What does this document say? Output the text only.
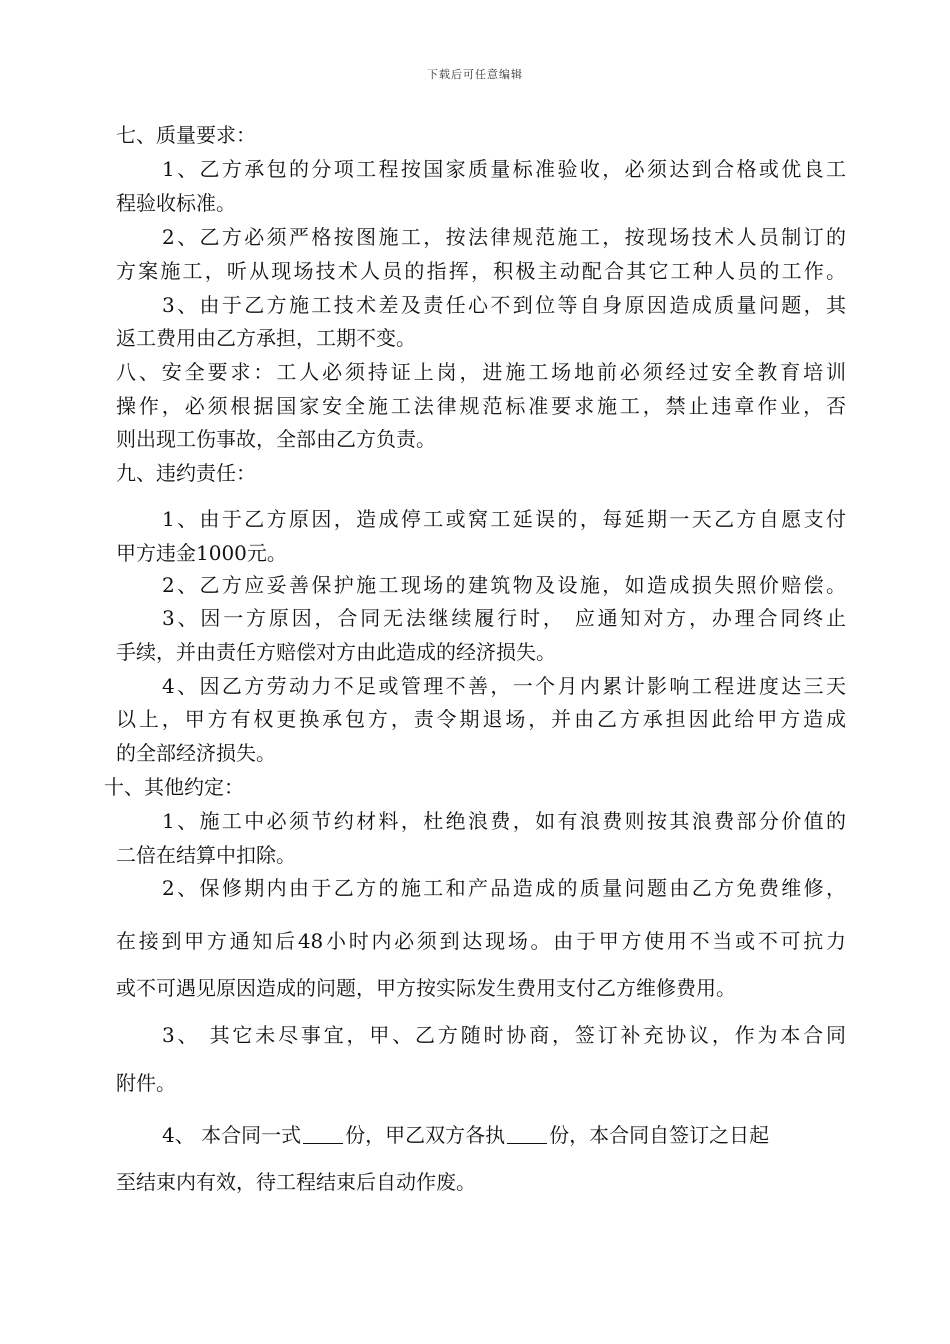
下载后可任意编辑
七、质量要求：
1、乙方承包的分项工程按国家质量标准验收，必须达到合格或优良工
程验收标准。
2、乙方必须严格按图施工，按法律规范施工，按现场技术人员制订的
方案施工，听从现场技术人员的指挥，积极主动配合其它工种人员的工作。
3、由于乙方施工技术差及责任心不到位等自身原因造成质量问题，其
返工费用由乙方承担，工期不变。
八、安全要求：工人必须持证上岗，进施工场地前必须经过安全教育培训
操作，必须根据国家安全施工法律规范标准要求施工，禁止违章作业，否
则出现工伤事故，全部由乙方负责。
九、违约责任：
1、由于乙方原因，造成停工或窝工延误的，每延期一天乙方自愿支付
甲方违金1000元。
2、乙方应妥善保护施工现场的建筑物及设施，如造成损失照价赔偿。
3、因一方原因，合同无法继续履行时， 应通知对方，办理合同终止
手续，并由责任方赔偿对方由此造成的经济损失。
4、因乙方劳动力不足或管理不善，一个月内累计影响工程进度达三天
以上，甲方有权更换承包方，责令期退场，并由乙方承担因此给甲方造成
的全部经济损失。
十、其他约定：
1、施工中必须节约材料，杜绝浪费，如有浪费则按其浪费部分价值的
二倍在结算中扣除。
2、保修期内由于乙方的施工和产品造成的质量问题由乙方免费维修，
在接到甲方通知后48小时内必须到达现场。由于甲方使用不当或不可抗力
或不可遇见原因造成的问题，甲方按实际发生费用支付乙方维修费用。
3、 其它未尽事宜，甲、乙方随时协商，签订补充协议，作为本合同
附件。
4、 本合同一式 份，甲乙双方各执 份，本合同自签订之日起
至结束内有效，待工程结束后自动作废。
